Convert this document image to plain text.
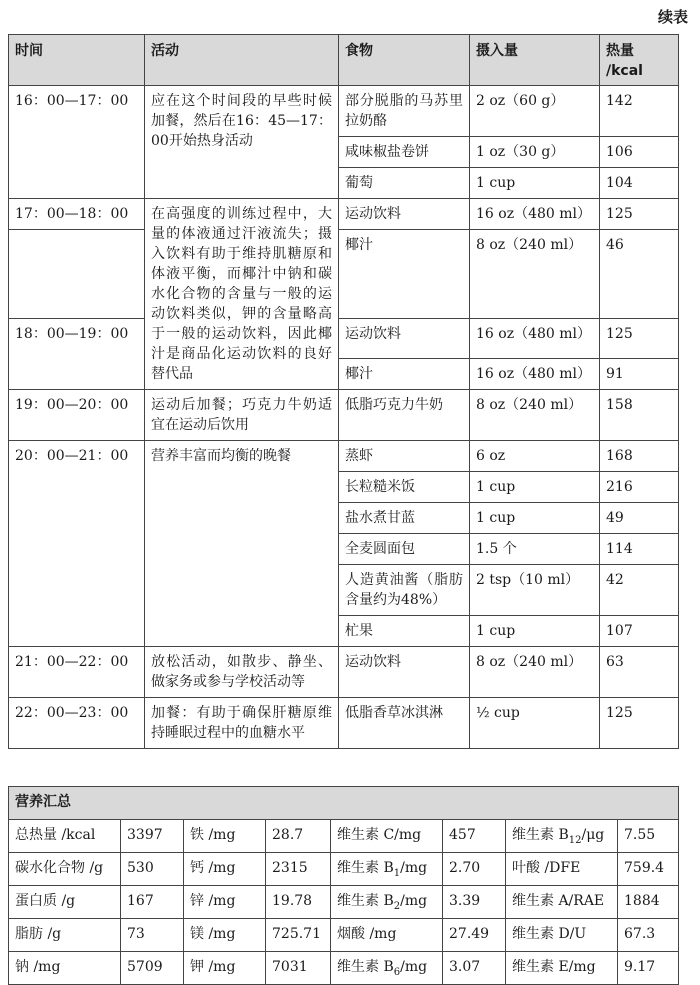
续表
时间	活动	食物	摄入量	热量 /kcal
16：00—17：00	应在这个时间段的早些时候加餐，然后在16：45—17：00开始热身活动	部分脱脂的马苏里拉奶酪	2 oz（60 g）	142
		咸味椒盐卷饼	1 oz（30 g）	106
		葡萄	1 cup	104
17：00—18：00	在高强度的训练过程中，大量的体液通过汗液流失；摄入饮料有助于维持肌糖原和体液平衡，而椰汁中钠和碳水化合物的含量与一般的运动饮料类似，钾的含量略高于一般的运动饮料，因此椰汁是商品化运动饮料的良好替代品	运动饮料	16 oz（480 ml）	125
		椰汁	8 oz（240 ml）	46
18：00—19：00		运动饮料	16 oz（480 ml）	125
		椰汁	16 oz（480 ml）	91
19：00—20：00	运动后加餐；巧克力牛奶适宜在运动后饮用	低脂巧克力牛奶	8 oz（240 ml）	158
20：00—21：00	营养丰富而均衡的晚餐	蒸虾	6 oz	168
		长粒糙米饭	1 cup	216
		盐水煮甘蓝	1 cup	49
		全麦圆面包	1.5 个	114
		人造黄油酱（脂肪含量约为48%）	2 tsp（10 ml）	42
		杧果	1 cup	107
21：00—22：00	放松活动，如散步、静坐、做家务或参与学校活动等	运动饮料	8 oz（240 ml）	63
22：00—23：00	加餐：有助于确保肝糖原维持睡眠过程中的血糖水平	低脂香草冰淇淋	½ cup	125
营养汇总							
总热量 /kcal	3397	铁 /mg	28.7	维生素 C/mg	457	维生素 $B_{12}/\mu g$	7.55
碳水化合物 /g	530	钙 /mg	2315	维生素 $B_1/mg$	2.70	叶酸 /DFE	759.4
蛋白质 /g	167	锌 /mg	19.78	维生素 $B_2/mg$	3.39	维生素 A/RAE	1884
脂肪 /g	73	镁 /mg	725.71	烟酸 /mg	27.49	维生素 D/U	67.3
钠 /mg	5709	钾 /mg	7031	维生素 $B_6/mg$	3.07	维生素 E/mg	9.17
